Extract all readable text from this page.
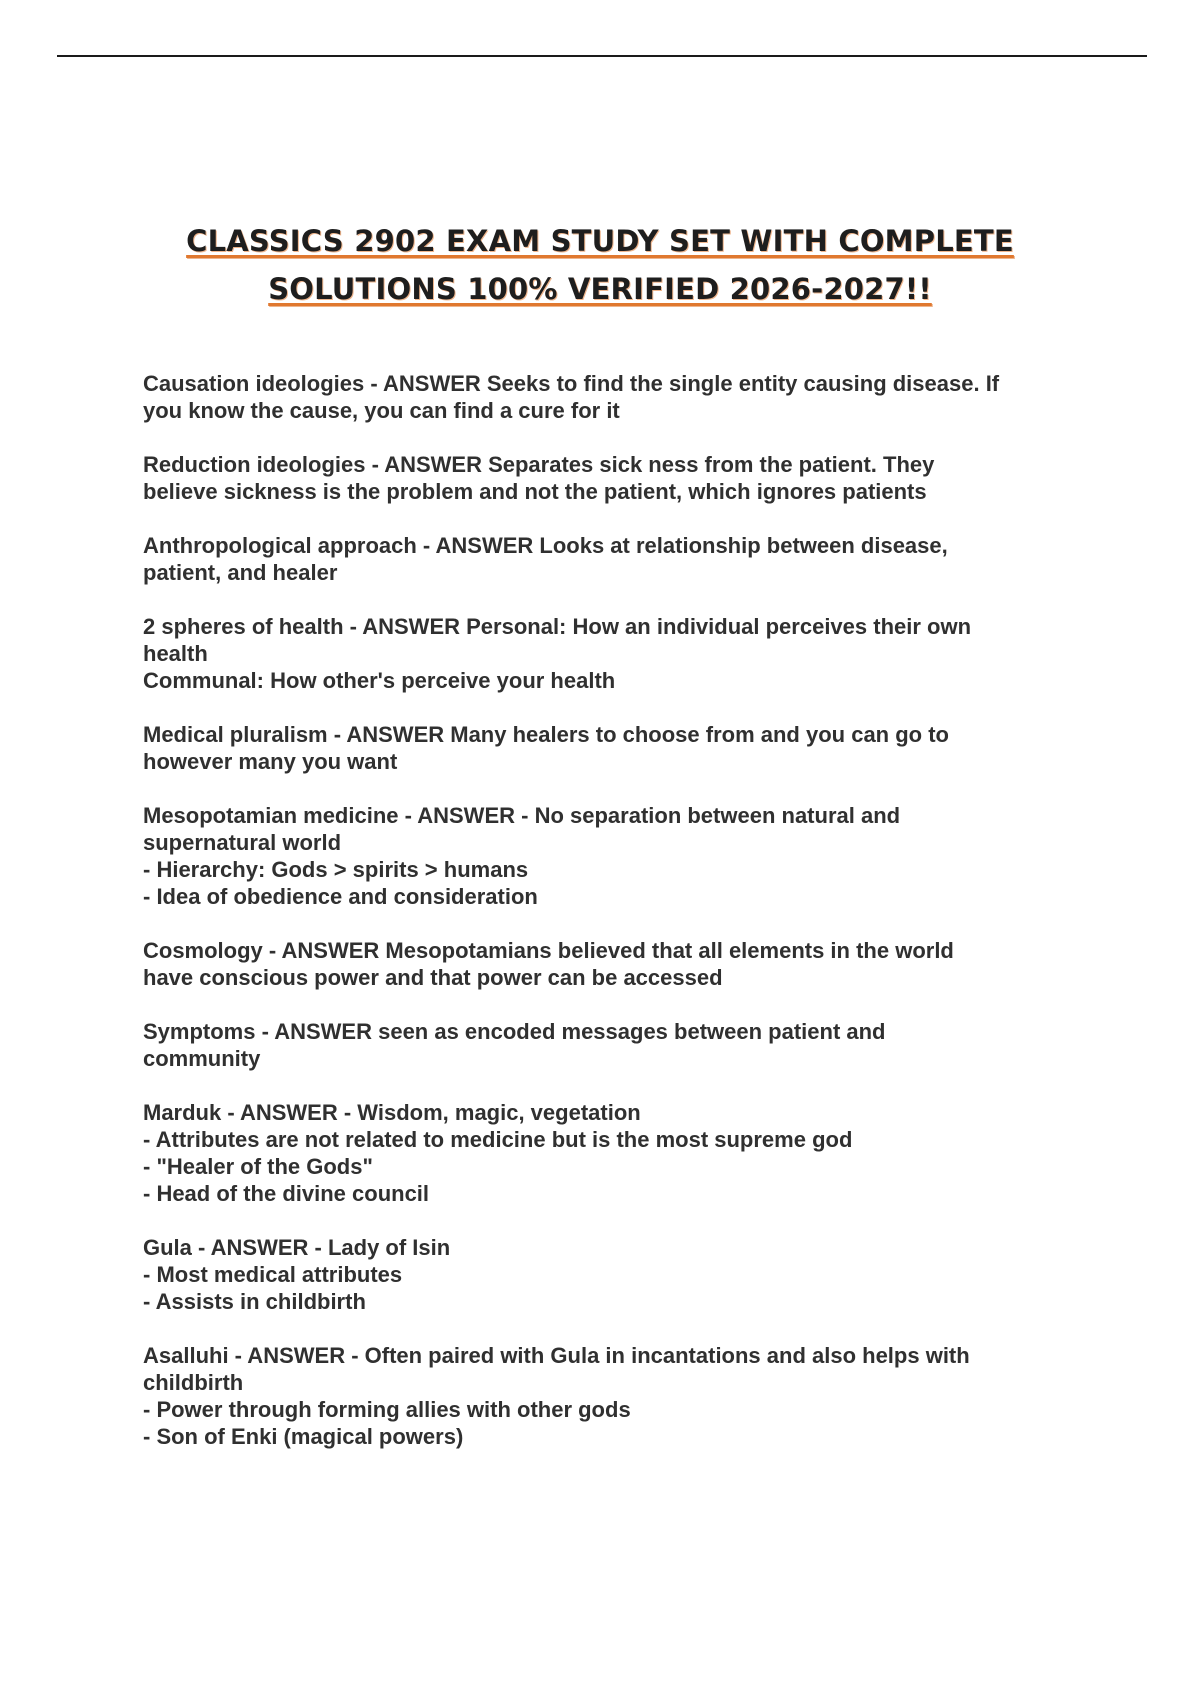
CLASSICS 2902 EXAM STUDY SET WITH COMPLETE
SOLUTIONS 100% VERIFIED 2026-2027!!
Causation ideologies - ANSWER Seeks to find the single entity causing disease. If
you know the cause, you can find a cure for it
Reduction ideologies - ANSWER Separates sick ness from the patient. They
believe sickness is the problem and not the patient, which ignores patients
Anthropological approach - ANSWER Looks at relationship between disease,
patient, and healer
2 spheres of health - ANSWER Personal: How an individual perceives their own
health
Communal: How other's perceive your health
Medical pluralism - ANSWER Many healers to choose from and you can go to
however many you want
Mesopotamian medicine - ANSWER - No separation between natural and
supernatural world
- Hierarchy: Gods > spirits > humans
- Idea of obedience and consideration
Cosmology - ANSWER Mesopotamians believed that all elements in the world
have conscious power and that power can be accessed
Symptoms - ANSWER seen as encoded messages between patient and
community
Marduk - ANSWER - Wisdom, magic, vegetation
- Attributes are not related to medicine but is the most supreme god
- "Healer of the Gods"
- Head of the divine council
Gula - ANSWER - Lady of Isin
- Most medical attributes
- Assists in childbirth
Asalluhi - ANSWER - Often paired with Gula in incantations and also helps with
childbirth
- Power through forming allies with other gods
- Son of Enki (magical powers)
